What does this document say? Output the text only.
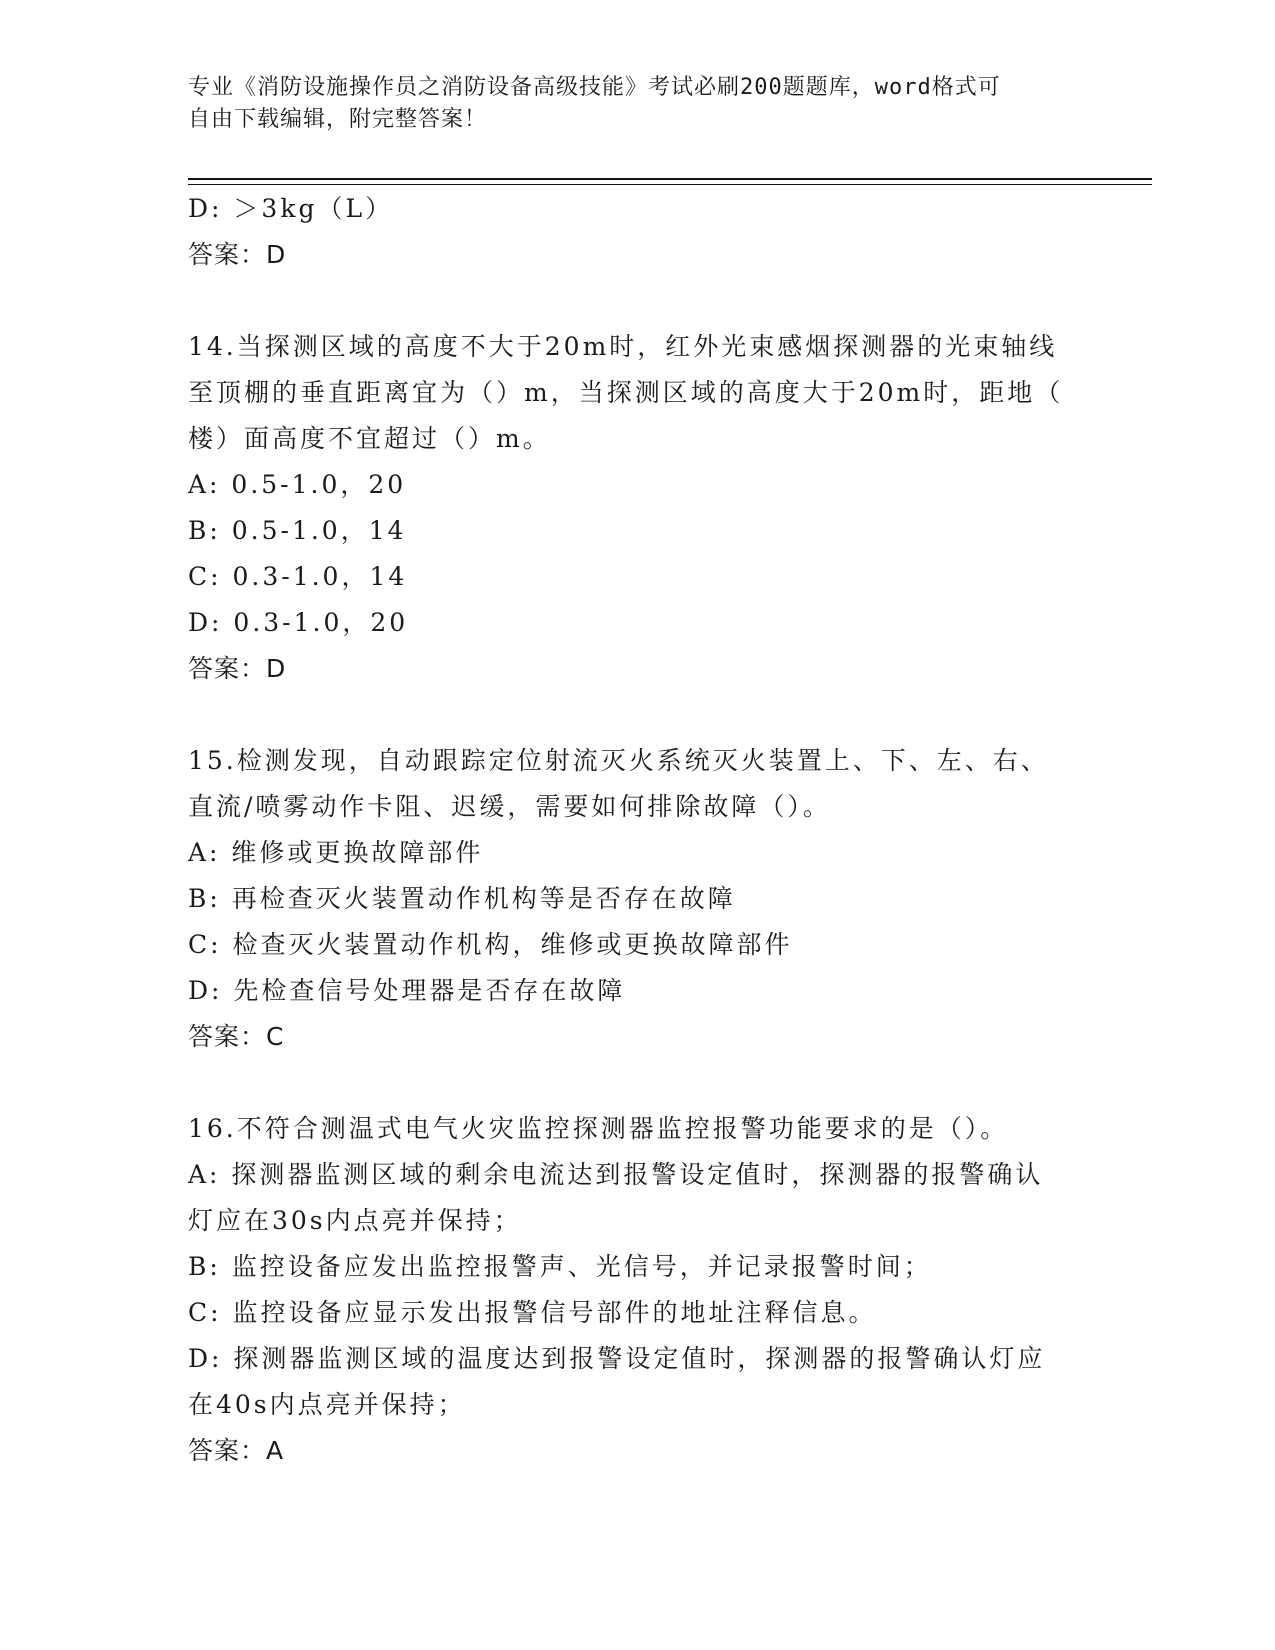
专业《消防设施操作员之消防设备高级技能》考试必刷200题题库，word格式可
自由下载编辑，附完整答案！
D: ＞3kg（L）
答案：D
14.当探测区域的高度不大于20m时，红外光束感烟探测器的光束轴线
至顶棚的垂直距离宜为（）m，当探测区域的高度大于20m时，距地（
楼）面高度不宜超过（）m。
A: 0.5-1.0，20
B: 0.5-1.0，14
C: 0.3-1.0，14
D: 0.3-1.0，20
答案：D
15.检测发现，自动跟踪定位射流灭火系统灭火装置上、下、左、右、
直流/喷雾动作卡阻、迟缓，需要如何排除故障（）。
A: 维修或更换故障部件
B: 再检查灭火装置动作机构等是否存在故障
C: 检查灭火装置动作机构，维修或更换故障部件
D: 先检查信号处理器是否存在故障
答案：C
16.不符合测温式电气火灾监控探测器监控报警功能要求的是（）。
A: 探测器监测区域的剩余电流达到报警设定值时，探测器的报警确认
灯应在30s内点亮并保持；
B: 监控设备应发出监控报警声、光信号，并记录报警时间；
C: 监控设备应显示发出报警信号部件的地址注释信息。
D: 探测器监测区域的温度达到报警设定值时，探测器的报警确认灯应
在40s内点亮并保持；
答案：A
